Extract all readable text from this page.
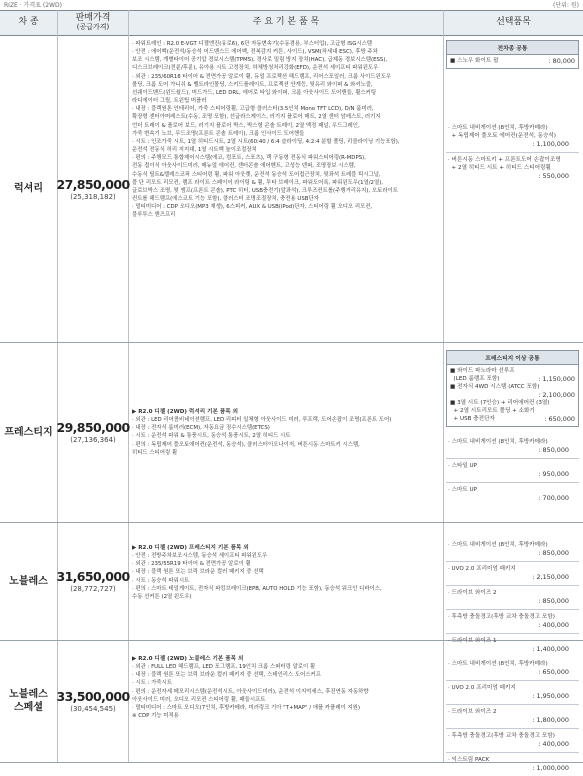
RIZE · 가격표 (2WD)	(단위: 원)
차 종	판매가격
(공급가격)
주 요 기 본 품 목	선택품목
럭셔리 27,850,000
(25,318,182)
· 파워트레인 : R2.0 E-VGT 디젤엔진(유로6), 6단 자동변속기(수동겸용, 부스터업), 고급형 ISG시스템
· 안전 : 에어백(운전석/동승석 어드밴스드 에어백, 전복감지 커튼, 사이드), VSM(차세대 ESC), 후방 주차
보조 시스템, 개별타이어 공기압 경보시스템(TPMS), 경사로 밀림 방지 장치(HAC), 급제동 경보시스템(ESS),
디스크브레이크(전륜/후륜), 유아용 시트 고정장치, 하체방청처리강화(EFD), 운전석 세이프티 파워윈도우
· 외관 : 235/60R18 타이어 & 전면가공 알로이 휠, 듀얼 프로젝션 헤드램프, 리어스포일러, 크롬 사이드윈도우
몰딩, 크롬 도어 가니쉬 & 벨트라인몰딩, 스키드플레이트, 프로젝션 안개등, 뒷유리 와이퍼 & 와셔노즐,
선쉐이드밴드(윈드쉴드), 머드가드, LED DRL, 에어로 타입 와이퍼, 크롬 아웃사이드 도어핸들, 휠스커팅
라디에이터 그릴, 트윈팁 머플러
· 내장 : 블랙원톤 인테리어, 가죽 스티어링휠, 고급형 클러스터(3.5인치 Mono TFT LCD), D/N 룸미러,
확장형 센터아머레스트(수동, 조명 포함), 선글라스케이스, 러기지 플로어 매트, 2열 센터 암레스트, 러기지
언더 트레이 & 플로어 보드, 러기지 플로어 박스, 박스형 콘솔 트레이, 2열 액정 패널, 우드그레인,
가죽 변속기 노브, 무드조명(프론트 콘솔 트레이), 크롬 인사이드 도어핸들
· 시트 : 인조가죽 시트, 1열 히티드시트, 2열 시트(60:40 / 6:4 슬라이딩, 4:2:4 분할 폴딩, 리클라이닝 기능포함),
운전석 전동식 허리 지지대, 1열 시트백 높이조절장치
· 편의 : 주행모드 통합제어시스템(에코, 컴포트, 스포츠), 랙 구동형 전동식 파워스티어링(R-MDPS),
전동 접이식 아웃사이드미러, 매뉴얼 에어컨, 센터콘솔 에어벤트, 고성능 덴퍼, 조명장보 시스템,
수동식 틸트&텔레스코픽 스티어링 휠, 파워 아웃렛, 운전석 동승석 도어접근장치, 뒷좌석 트레블 틱시그널,
풀 단 리모트 리모컨, 램프 라이트 스페이어 라이팅 & 휠, 투타 브레이크, 파워도어록, 파워윈도우(1열/2열),
글로브박스 조명, 뒷 엠프(프론트 콘솔), PTC 히터, USB충전기(앞좌석), 크루즈컨트롤(주행거리유지), 오토라이트
컨트롤 헤드램프(에스코트 기능 포함), 클러스터 조명조절장치, 충전용 USB단자
· 멀티미디어 : CDP 오디오(MP3 재생), 6스피커, AUX & USB(iPod)단자, 스티어링 휠 오디오 리모컨,
블루투스 핸즈프리
전차종 공통
■ 스노우 화이트 펄	: 80,000
· 스마트 내비게이션 (8인치, 후방카메라)
+ 독립제어 풀오토 에어컨(운전석, 동승석)
: 1,100,000
· 버튼시동 스마트키 + 프론트도어 손잡이조명
+ 2열 히티드 시트 + 히티드 스티어링휠
: 550,000
프레스티지 29,850,000
(27,136,364)
▶ R2.0 디젤 (2WD) 럭셔리 기본 품목 외
· 외관 : LED 리어콤비네이션램프, LED 리피터 일체형 아웃사이드 미러, 루프랙, 도어손잡이 조명(프론트 도어)
· 내장 : 전자식 룸미러(ECM), 자동요금 징수시스템(ETCS)
· 시트 : 운전석 파워 & 통풍시트, 동승석 통풍시트, 2열 히티드 시트
· 편의 : 독립제어 풀오토에어컨(운전석, 동승석), 클러스터이오나이저, 버튼시동 스마트키 시스템,
히티드 스티어링 휠
프레스티지 이상 공통
■ 와이드 파노라마 선루프
(LED 룸램프 포함)	: 1,150,000
■ 전자식 4WD 시스템 (ATCC 포함)
: 2,100,000
■ 3열 시트 (7인승) + 리어에어컨 (3열)
+ 2열 시트리모트 폴딩 + 소화기
+ USB 충전단자	: 650,000
· 스마트 내비게이션 (8인치, 후방카메라)
: 850,000
· 스타일 UP
: 950,000
· 스마트 UP
: 700,000
노블레스 31,650,000
(28,772,727)
▶ R2.0 디젤 (2WD) 프레스티지 기본 품목 외
· 안전 : 전방주차보조시스템, 동승석 세이프티 파워윈도우
· 외관 : 235/55R19 타이어 & 전면가공 알로이 휠
· 내장 : 블랙 원톤 또는 브릭 브라운 컬러 패키지 중 선택
· 시트 : 동승석 파워시트
· 편의 : 스마트 테일게이트, 전자식 파킹브레이크(EPB, AUTO HOLD 기능 포함), 동승석 워크인 디바이스,
수동 선커튼 (2열 윈도우)
· 스마트 내비게이션 (8인치, 후방카메라)
: 850,000
· UVO 2.0 프리미엄 패키지
: 2,150,000
· 드라이브 와이즈 2
: 850,000
· 후측방 충돌경고(후방 교차 충돌경고 포함)
: 400,000
· 드라이브 와이즈 1
: 1,400,000
노블레스
스페셜
33,500,000
(30,454,545)
▶ R2.0 디젤 (2WD) 노블레스 기본 품목 외
· 외관 : FULL LED 헤드램프, LED 포그램프, 19인치 크롬 스퍼터링 알로이 휠
· 내장 : 블랙 원톤 또는 브릭 브라운 컬러 패키지 중 선택, 스테인리스 도어스커프
· 시트 : 가죽시트
· 편의 : 운전자세 메모리시스템(운전석시트, 아웃사이드미러), 운전석 이지억세스, 후진연동 자동하향
아웃사이드 미러, 오디오 리모컨 스티어링 휠, 패들시프트
· 멀티미디어 : 스마트 오디오(7인치, 후방카메라, 미러링크 기아 "T+MAP" / 애플 카플레이 지원)
※ CDP 기능 미적용
· 스마트 내비게이션 (8인치, 후방카메라)
: 650,000
· UVO 2.0 프리미엄 패키지
: 1,950,000
· 드라이브 와이즈 2
: 1,800,000
· 후측방 충돌경고(후방 교차 충돌경고 포함)
: 400,000
· 익스트림 PACK
: 1,000,000
